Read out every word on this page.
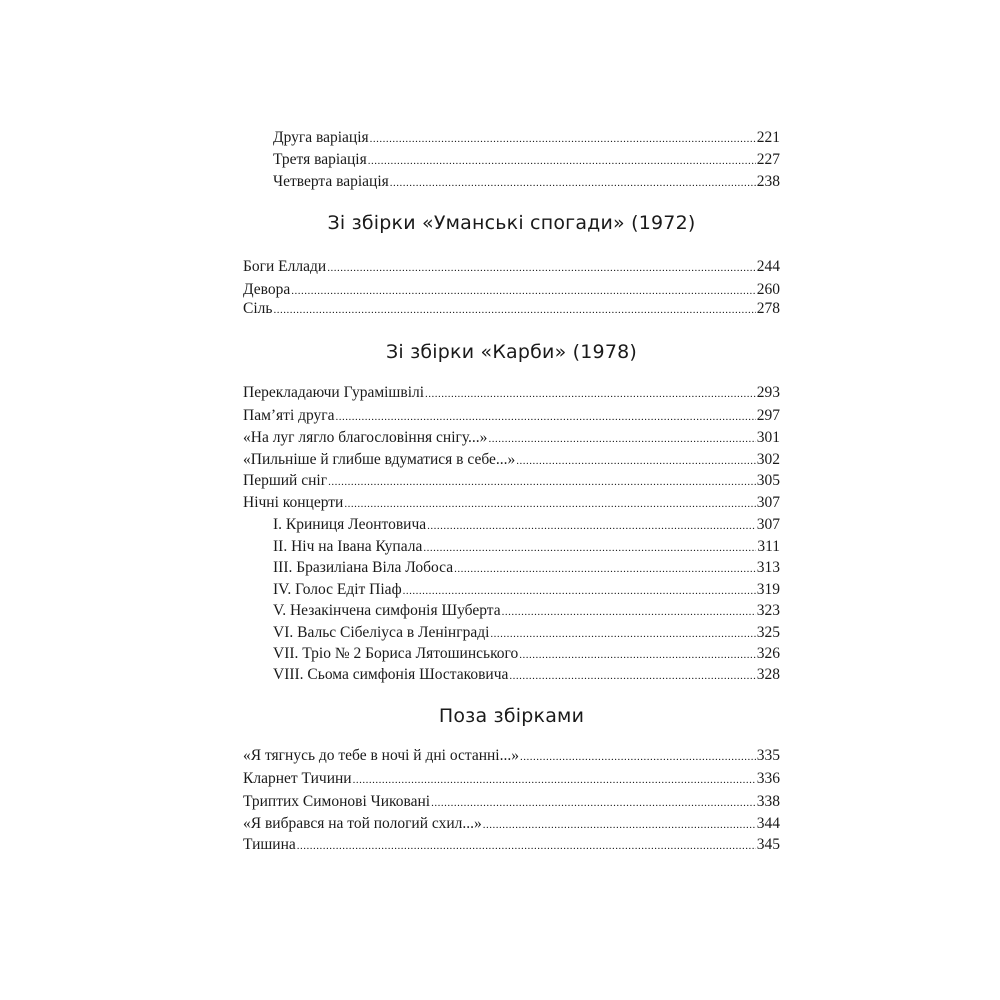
Друга варіація .....	221
Третя варіація .....	227
Четверта варіація .....	238
Зі збірки «Уманські спогади» (1972)
Боги Еллади .....	244
Девора .....	260
Сіль .....	278
Зі збірки «Карби» (1978)
Перекладаючи Гурамішвілі .....	293
Пам’яті друга .....	297
«На луг лягло благословіння снігу...» .....	301
«Пильніше й глибше вдуматися в себе...» .....	302
Перший сніг .....	305
Нічні концерти .....	307
I. Криниця Леонтовича .....	307
II. Ніч на Івана Купала .....	311
III. Бразиліана Віла Лобоса .....	313
IV. Голос Едіт Піаф .....	319
V. Незакінчена симфонія Шуберта .....	323
VI. Вальс Сібеліуса в Ленінграді .....	325
VII. Тріо № 2 Бориса Лятошинського .....	326
VIII. Сьома симфонія Шостаковича .....	328
Поза збірками
«Я тягнусь до тебе в ночі й дні останні...» .....	335
Кларнет Тичини .....	336
Триптих Симонові Чиковані .....	338
«Я вибрався на той пологий схил...» .....	344
Тишина .....	345
